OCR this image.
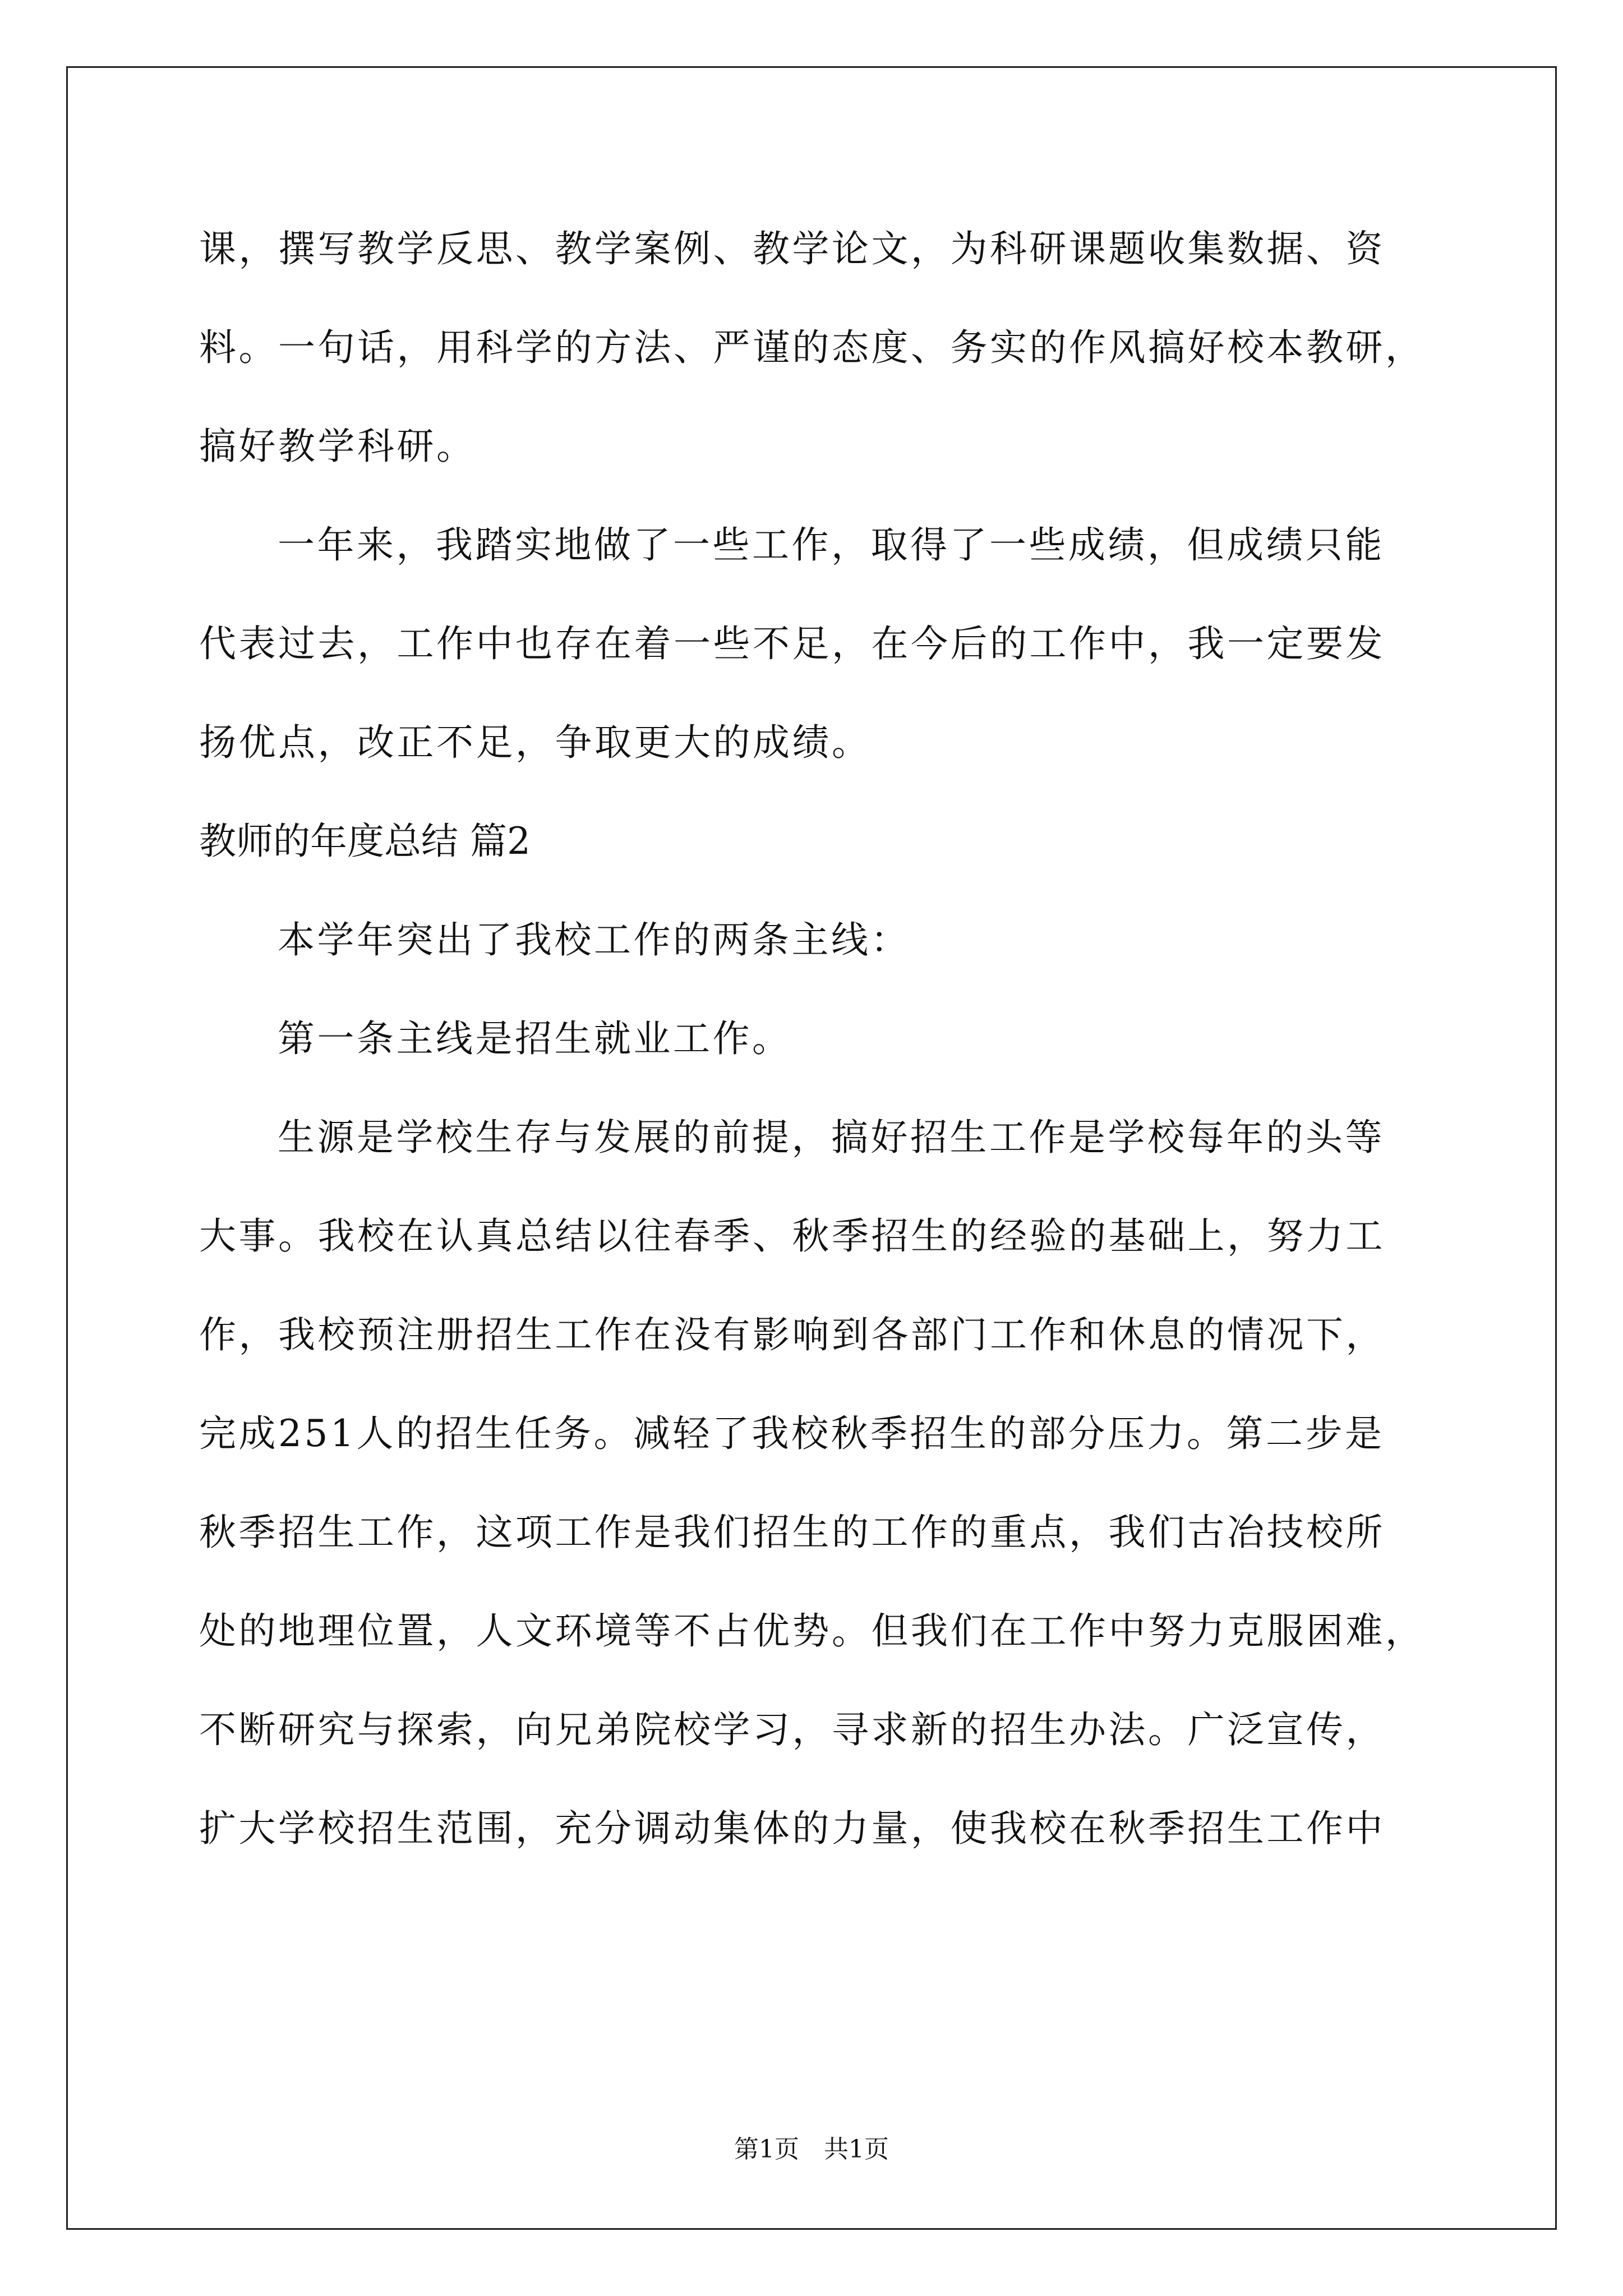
课，撰写教学反思、教学案例、教学论文，为科研课题收集数据、资

料。一句话，用科学的方法、严谨的态度、务实的作风搞好校本教研，

搞好教学科研。

一年来，我踏实地做了一些工作，取得了一些成绩，但成绩只能

代表过去，工作中也存在着一些不足，在今后的工作中，我一定要发

扬优点，改正不足，争取更大的成绩。

教师的年度总结 篇2

本学年突出了我校工作的两条主线：

第一条主线是招生就业工作。

生源是学校生存与发展的前提，搞好招生工作是学校每年的头等

大事。我校在认真总结以往春季、秋季招生的经验的基础上，努力工

作，我校预注册招生工作在没有影响到各部门工作和休息的情况下，

完成251人的招生任务。减轻了我校秋季招生的部分压力。第二步是

秋季招生工作，这项工作是我们招生的工作的重点，我们古冶技校所

处的地理位置，人文环境等不占优势。但我们在工作中努力克服困难，

不断研究与探索，向兄弟院校学习，寻求新的招生办法。广泛宣传，

扩大学校招生范围，充分调动集体的力量，使我校在秋季招生工作中

第1页　共1页
